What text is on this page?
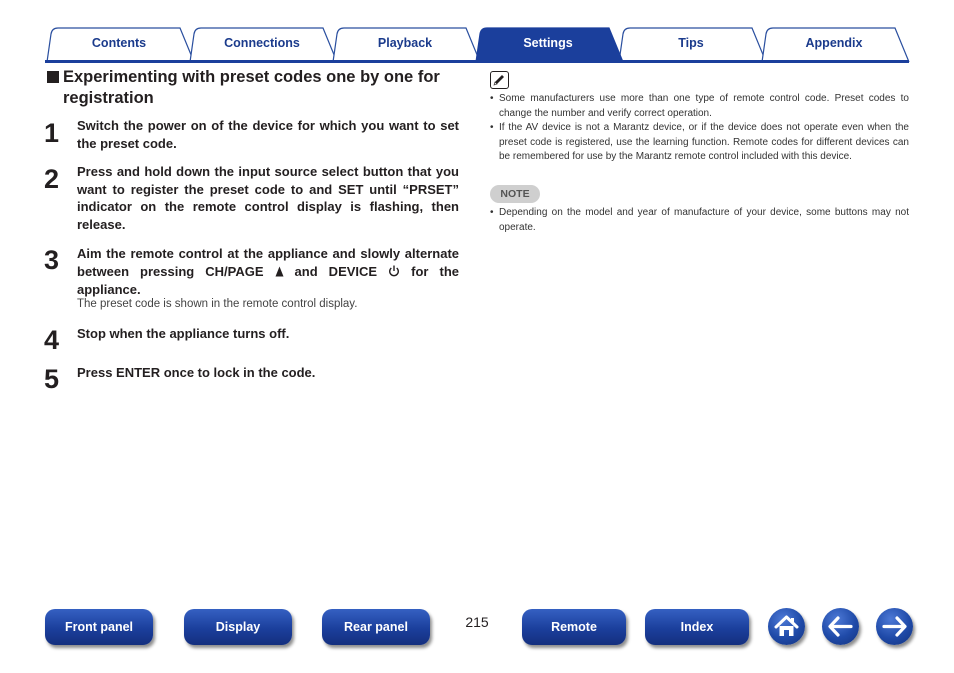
Contents	Connections	Playback	Settings	Tips	Appendix
Experimenting with preset codes one by one for registration
1 Switch the power on of the device for which you want to set the preset code.
2 Press and hold down the input source select button that you want to register the preset code to and SET until “PRSET” indicator on the remote control display is flashing, then release.
3 Aim the remote control at the appliance and slowly alternate between pressing CH/PAGE  and DEVICE  for the appliance.
The preset code is shown in the remote control display.
4 Stop when the appliance turns off.
5 Press ENTER once to lock in the code.
• Some manufacturers use more than one type of remote control code. Preset codes to change the number and verify correct operation.
• If the AV device is not a Marantz device, or if the device does not operate even when the preset code is registered, use the learning function. Remote codes for different devices can be remembered for use by the Marantz remote control included with this device.
NOTE
• Depending on the model and year of manufacture of your device, some buttons may not operate.
Front panel	Display	Rear panel	215	Remote	Index
